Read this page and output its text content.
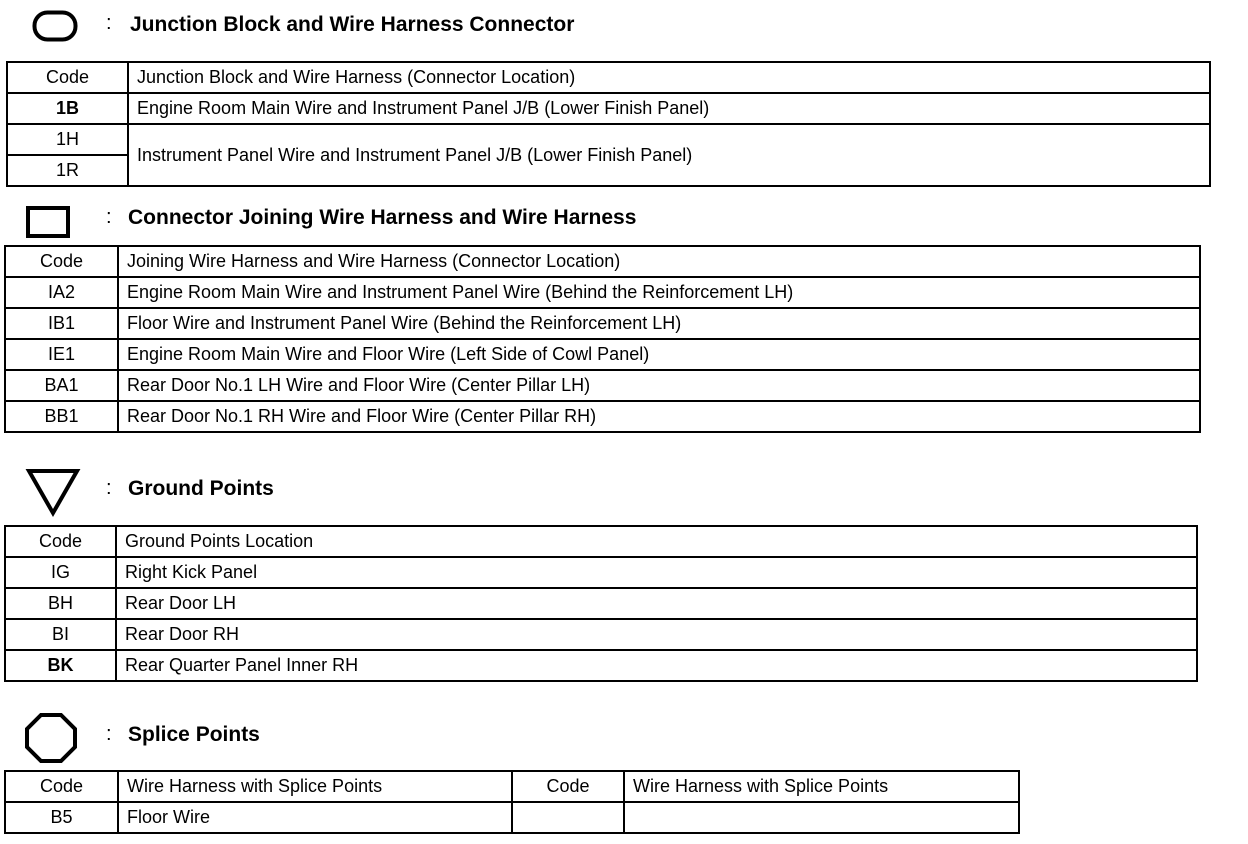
: Junction Block and Wire Harness Connector
Code	Junction Block and Wire Harness (Connector Location)
1B	Engine Room Main Wire and Instrument Panel J/B (Lower Finish Panel)
1H	Instrument Panel Wire and Instrument Panel J/B (Lower Finish Panel)
1R	
: Connector Joining Wire Harness and Wire Harness
Code	Joining Wire Harness and Wire Harness (Connector Location)
IA2	Engine Room Main Wire and Instrument Panel Wire (Behind the Reinforcement LH)
IB1	Floor Wire and Instrument Panel Wire (Behind the Reinforcement LH)
IE1	Engine Room Main Wire and Floor Wire (Left Side of Cowl Panel)
BA1	Rear Door No.1 LH Wire and Floor Wire (Center Pillar LH)
BB1	Rear Door No.1 RH Wire and Floor Wire (Center Pillar RH)
: Ground Points
Code	Ground Points Location
IG	Right Kick Panel
BH	Rear Door LH
BI	Rear Door RH
BK	Rear Quarter Panel Inner RH
: Splice Points
Code	Wire Harness with Splice Points	Code	Wire Harness with Splice Points
B5	Floor Wire		
